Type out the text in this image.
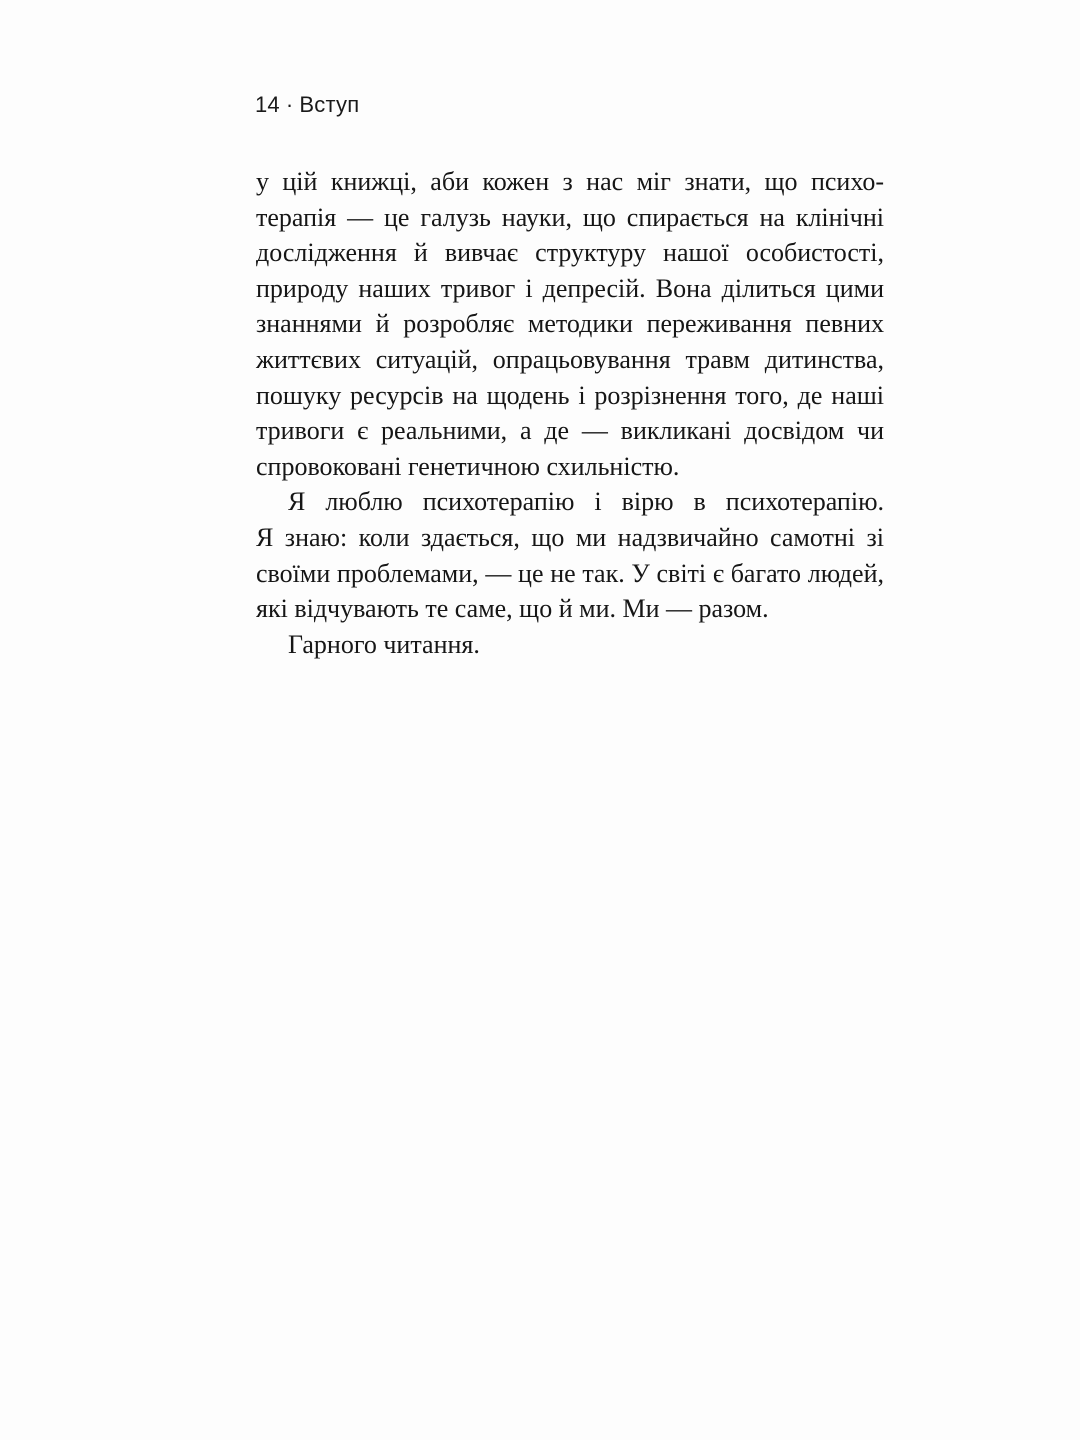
14 · Вступ
у цій книжці, аби кожен з нас міг знати, що психо-
терапія — це галузь науки, що спирається на клінічні
дослідження й вивчає структуру нашої особистості,
природу наших тривог і депресій. Вона ділиться цими
знаннями й розробляє методики переживання певних
життєвих ситуацій, опрацьовування травм дитинства,
пошуку ресурсів на щодень і розрізнення того, де наші
тривоги є реальними, а де — викликані досвідом чи
спровоковані генетичною схильністю.
Я люблю психотерапію і вірю в психотерапію.
Я знаю: коли здається, що ми надзвичайно самотні зі
своїми проблемами, — це не так. У світі є багато людей,
які відчувають те саме, що й ми. Ми — разом.
Гарного читання.
